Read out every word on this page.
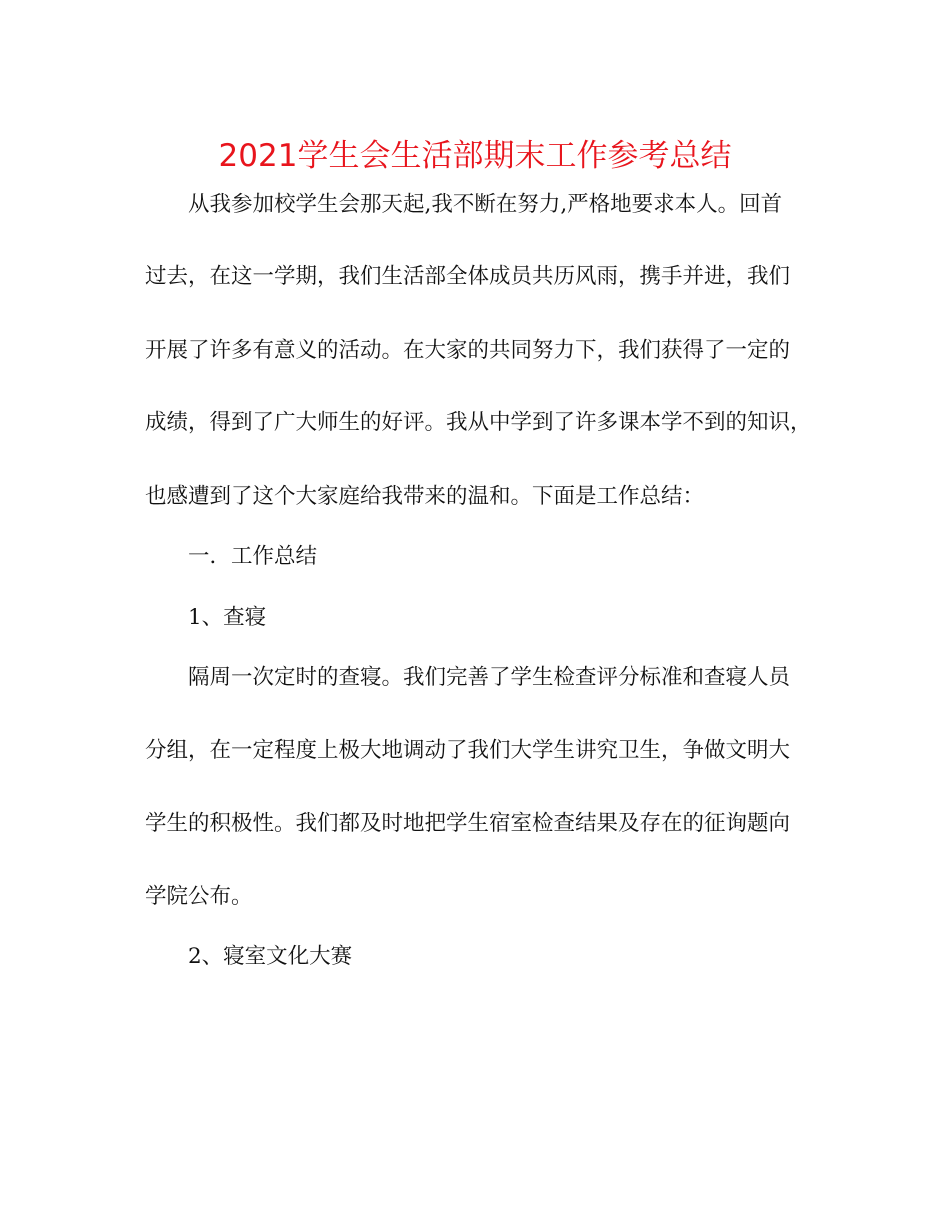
2021学生会生活部期末工作参考总结

从我参加校学生会那天起,我不断在努力,严格地要求本人。回首

过去，在这一学期，我们生活部全体成员共历风雨，携手并进，我们

开展了许多有意义的活动。在大家的共同努力下，我们获得了一定的

成绩，得到了广大师生的好评。我从中学到了许多课本学不到的知识，

也感遭到了这个大家庭给我带来的温和。下面是工作总结：

一．工作总结

1、查寝

隔周一次定时的查寝。我们完善了学生检查评分标准和查寝人员

分组，在一定程度上极大地调动了我们大学生讲究卫生，争做文明大

学生的积极性。我们都及时地把学生宿室检查结果及存在的征询题向

学院公布。

2、寝室文化大赛
